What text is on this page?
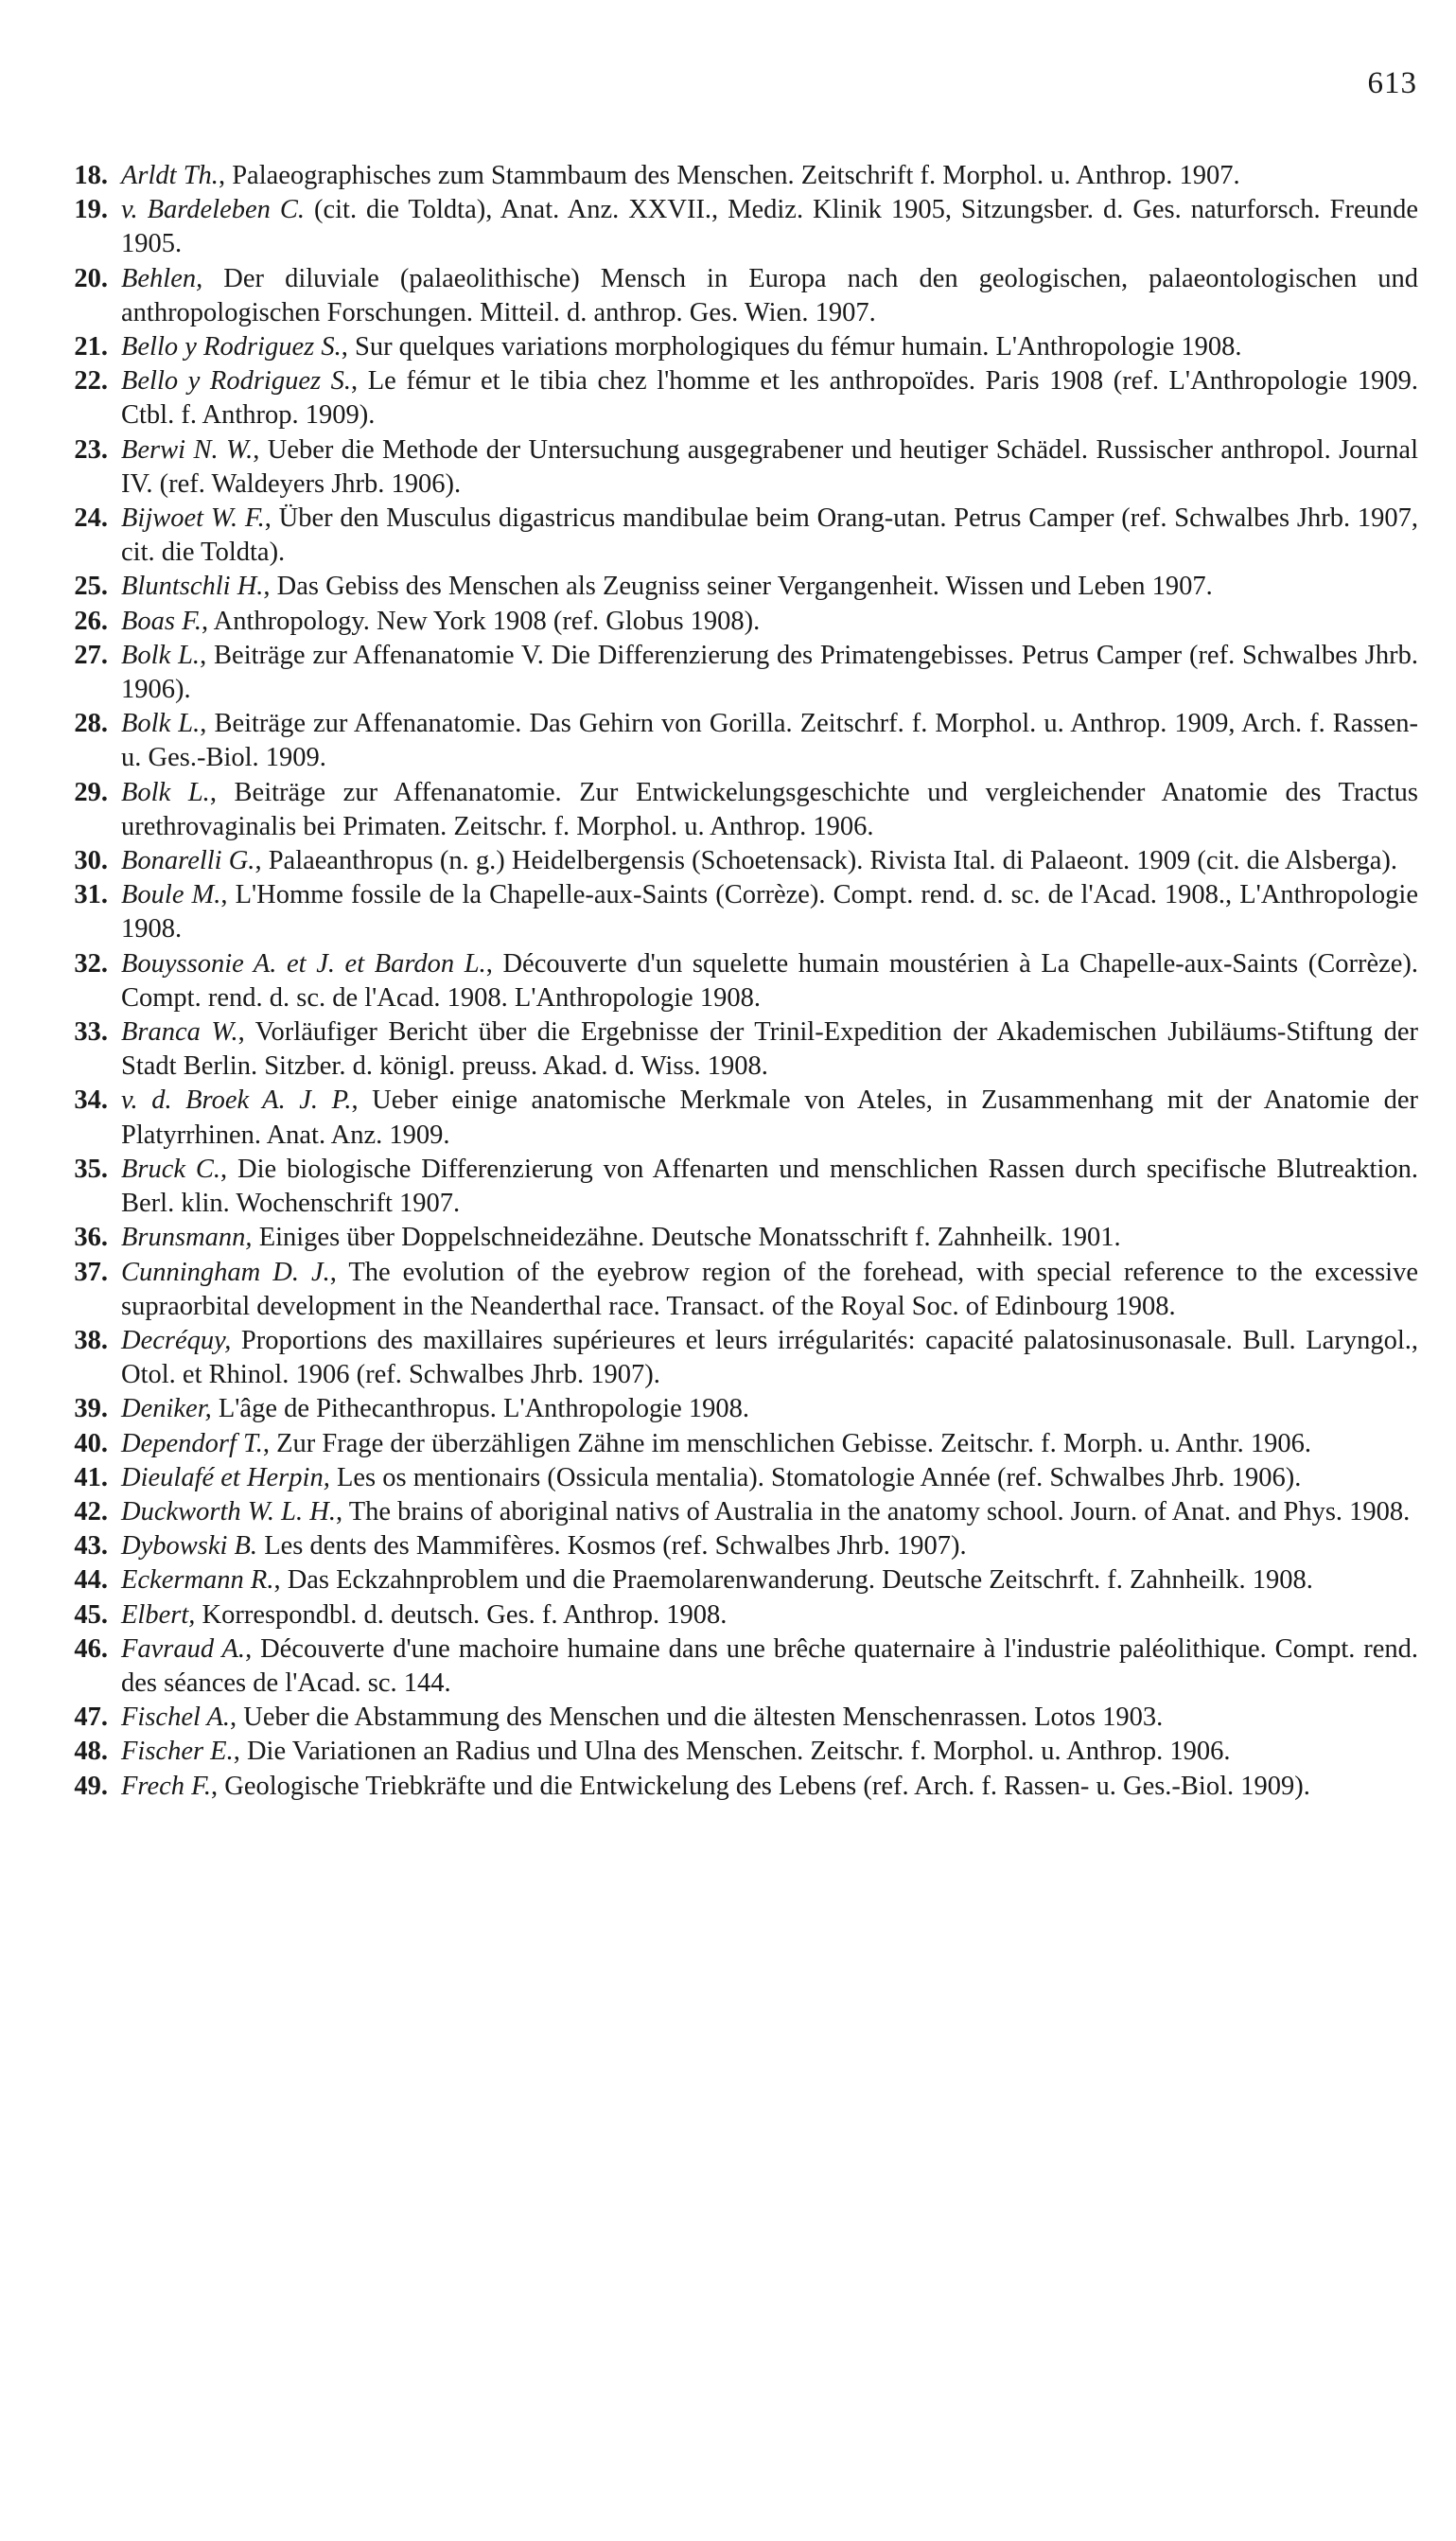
613
18. Arldt Th., Palaeographisches zum Stammbaum des Menschen. Zeitschrift f. Morphol. u. Anthrop. 1907.
19. v. Bardeleben C. (cit. die Toldta), Anat. Anz. XXVII., Mediz. Klinik 1905, Sitzungsber. d. Ges. naturforsch. Freunde 1905.
20. Behlen, Der diluviale (palaeolithische) Mensch in Europa nach den geologischen, palaeontologischen und anthropologischen Forschungen. Mitteil. d. anthrop. Ges. Wien. 1907.
21. Bello y Rodriguez S., Sur quelques variations morphologiques du fémur humain. L'Anthropologie 1908.
22. Bello y Rodriguez S., Le fémur et le tibia chez l'homme et les anthropoïdes. Paris 1908 (ref. L'Anthropologie 1909. Ctbl. f. Anthrop. 1909).
23. Berwi N. W., Ueber die Methode der Untersuchung ausgegrabener und heutiger Schädel. Russischer anthropol. Journal IV. (ref. Waldeyers Jhrb. 1906).
24. Bijwoet W. F., Über den Musculus digastricus mandibulae beim Orang-utan. Petrus Camper (ref. Schwalbes Jhrb. 1907, cit. die Toldta).
25. Bluntschli H., Das Gebiss des Menschen als Zeugniss seiner Vergangenheit. Wissen und Leben 1907.
26. Boas F., Anthropology. New York 1908 (ref. Globus 1908).
27. Bolk L., Beiträge zur Affenanatomie V. Die Differenzierung des Primatengebisses. Petrus Camper (ref. Schwalbes Jhrb. 1906).
28. Bolk L., Beiträge zur Affenanatomie. Das Gehirn von Gorilla. Zeitschrf. f. Morphol. u. Anthrop. 1909, Arch. f. Rassen- u. Ges.-Biol. 1909.
29. Bolk L., Beiträge zur Affenanatomie. Zur Entwickelungsgeschichte und vergleichender Anatomie des Tractus urethrovaginalis bei Primaten. Zeitschr. f. Morphol. u. Anthrop. 1906.
30. Bonarelli G., Palaeanthropus (n. g.) Heidelbergensis (Schoetensack). Rivista Ital. di Palaeont. 1909 (cit. die Alsberga).
31. Boule M., L'Homme fossile de la Chapelle-aux-Saints (Corrèze). Compt. rend. d. sc. de l'Acad. 1908., L'Anthropologie 1908.
32. Bouyssonie A. et J. et Bardon L., Découverte d'un squelette humain moustérien à La Chapelle-aux-Saints (Corrèze). Compt. rend. d. sc. de l'Acad. 1908. L'Anthropologie 1908.
33. Branca W., Vorläufiger Bericht über die Ergebnisse der Trinil-Expedition der Akademischen Jubiläums-Stiftung der Stadt Berlin. Sitzber. d. königl. preuss. Akad. d. Wiss. 1908.
34. v. d. Broek A. J. P., Ueber einige anatomische Merkmale von Ateles, in Zusammenhang mit der Anatomie der Platyrrhinen. Anat. Anz. 1909.
35. Bruck C., Die biologische Differenzierung von Affenarten und menschlichen Rassen durch specifische Blutreaktion. Berl. klin. Wochenschrift 1907.
36. Brunsmann, Einiges über Doppelschneidezähne. Deutsche Monatsschrift f. Zahnheilk. 1901.
37. Cunningham D. J., The evolution of the eyebrow region of the forehead, with special reference to the excessive supraorbital development in the Neanderthal race. Transact. of the Royal Soc. of Edinbourg 1908.
38. Decréquy, Proportions des maxillaires supérieures et leurs irrégularités: capacité palatosinusonasale. Bull. Laryngol., Otol. et Rhinol. 1906 (ref. Schwalbes Jhrb. 1907).
39. Deniker, L'âge de Pithecanthropus. L'Anthropologie 1908.
40. Dependorf T., Zur Frage der überzähligen Zähne im menschlichen Gebisse. Zeitschr. f. Morph. u. Anthr. 1906.
41. Dieulafé et Herpin, Les os mentionairs (Ossicula mentalia). Stomatologie Année (ref. Schwalbes Jhrb. 1906).
42. Duckworth W. L. H., The brains of aboriginal nativs of Australia in the anatomy school. Journ. of Anat. and Phys. 1908.
43. Dybowski B. Les dents des Mammifères. Kosmos (ref. Schwalbes Jhrb. 1907).
44. Eckermann R., Das Eckzahnproblem und die Praemolarenwanderung. Deutsche Zeitschrft. f. Zahnheilk. 1908.
45. Elbert, Korrespondbl. d. deutsch. Ges. f. Anthrop. 1908.
46. Favraud A., Découverte d'une machoire humaine dans une brêche quaternaire à l'industrie paléolithique. Compt. rend. des séances de l'Acad. sc. 144.
47. Fischel A., Ueber die Abstammung des Menschen und die ältesten Menschenrassen. Lotos 1903.
48. Fischer E., Die Variationen an Radius und Ulna des Menschen. Zeitschr. f. Morphol. u. Anthrop. 1906.
49. Frech F., Geologische Triebkräfte und die Entwickelung des Lebens (ref. Arch. f. Rassen- u. Ges.-Biol. 1909).
